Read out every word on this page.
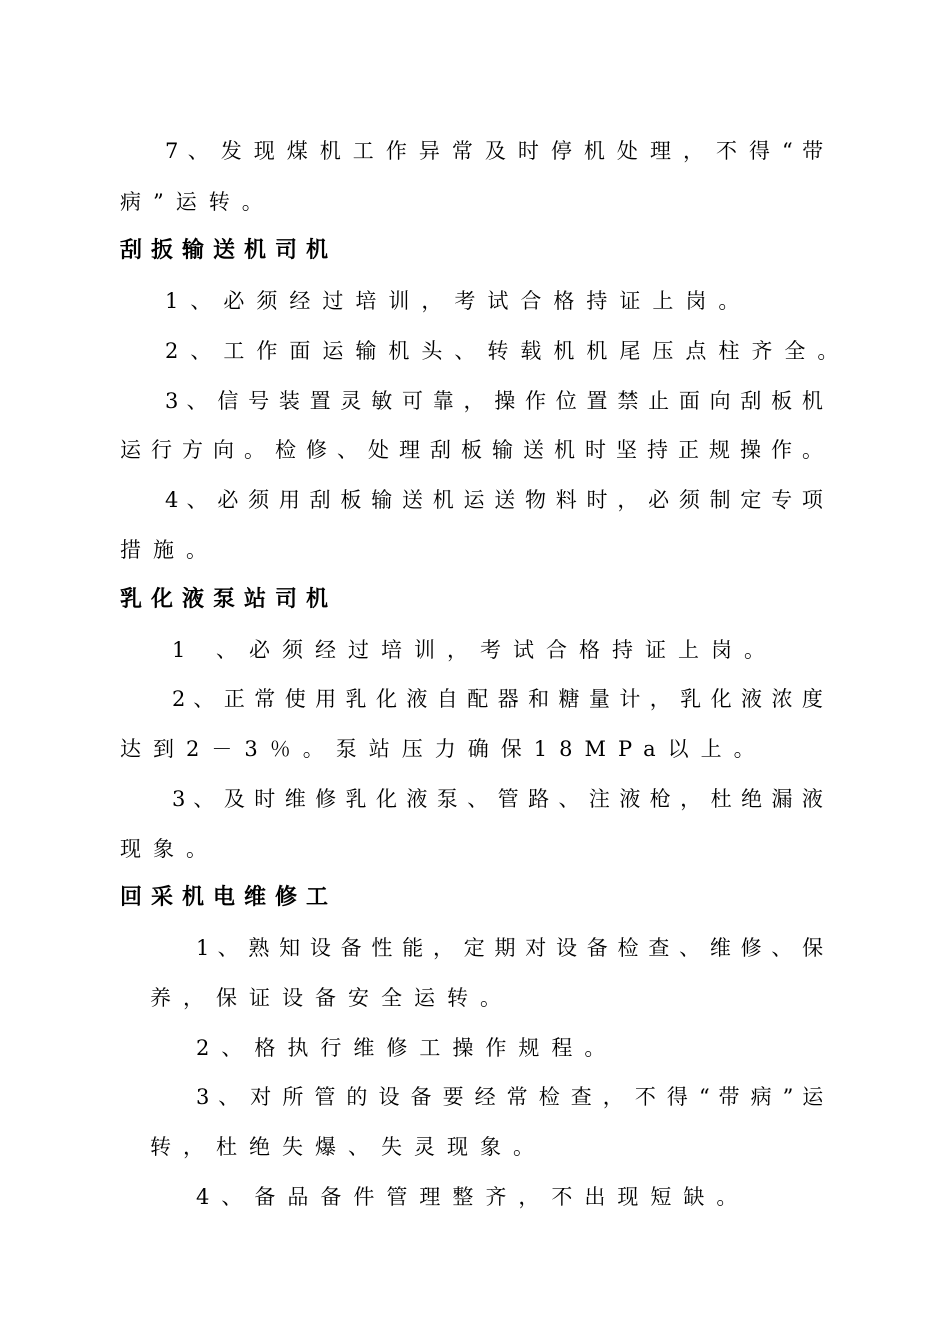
7 、 发 现 煤 机 工 作 异 常 及 时 停 机 处 理 ， 不 得 “ 带
病”运转。
刮扳输送机司机
1、必须经过培训，考试合格持证上岗。
2、工作面运输机头、转载机机尾压点柱齐全。
3 、 信 号 装 置 灵 敏 可 靠 ， 操 作 位 置 禁 止 面 向 刮 板 机
运 行 方 向 。 检 修 、 处 理 刮 板 输 送 机 时 坚 持 正 规 操 作 。
4 、 必 须 用 刮 板 输 送 机 运 送 物 料 时 ， 必 须 制 定 专 项
措施。
乳化液泵站司机
1 、必须经过培训，考试合格持证上岗。
2 、 正 常 使 用 乳 化 液 自 配 器 和 糖 量 计 ， 乳 化 液 浓 度
达到2－3％。泵站压力确保18MPa以上。
3 、 及 时 维 修 乳 化 液 泵 、 管 路 、 注 液 枪 ， 杜 绝 漏 液
现象。
回采机电维修工
1 、 熟 知 设 备 性 能 ， 定 期 对 设 备 检 查 、 维 修 、 保
养，保证设备安全运转。
2、格执行维修工操作规程。
3 、 对 所 管 的 设 备 要 经 常 检 查 ， 不 得 “ 带 病 ” 运
转，杜绝失爆、失灵现象。
4、备品备件管理整齐，不出现短缺。
